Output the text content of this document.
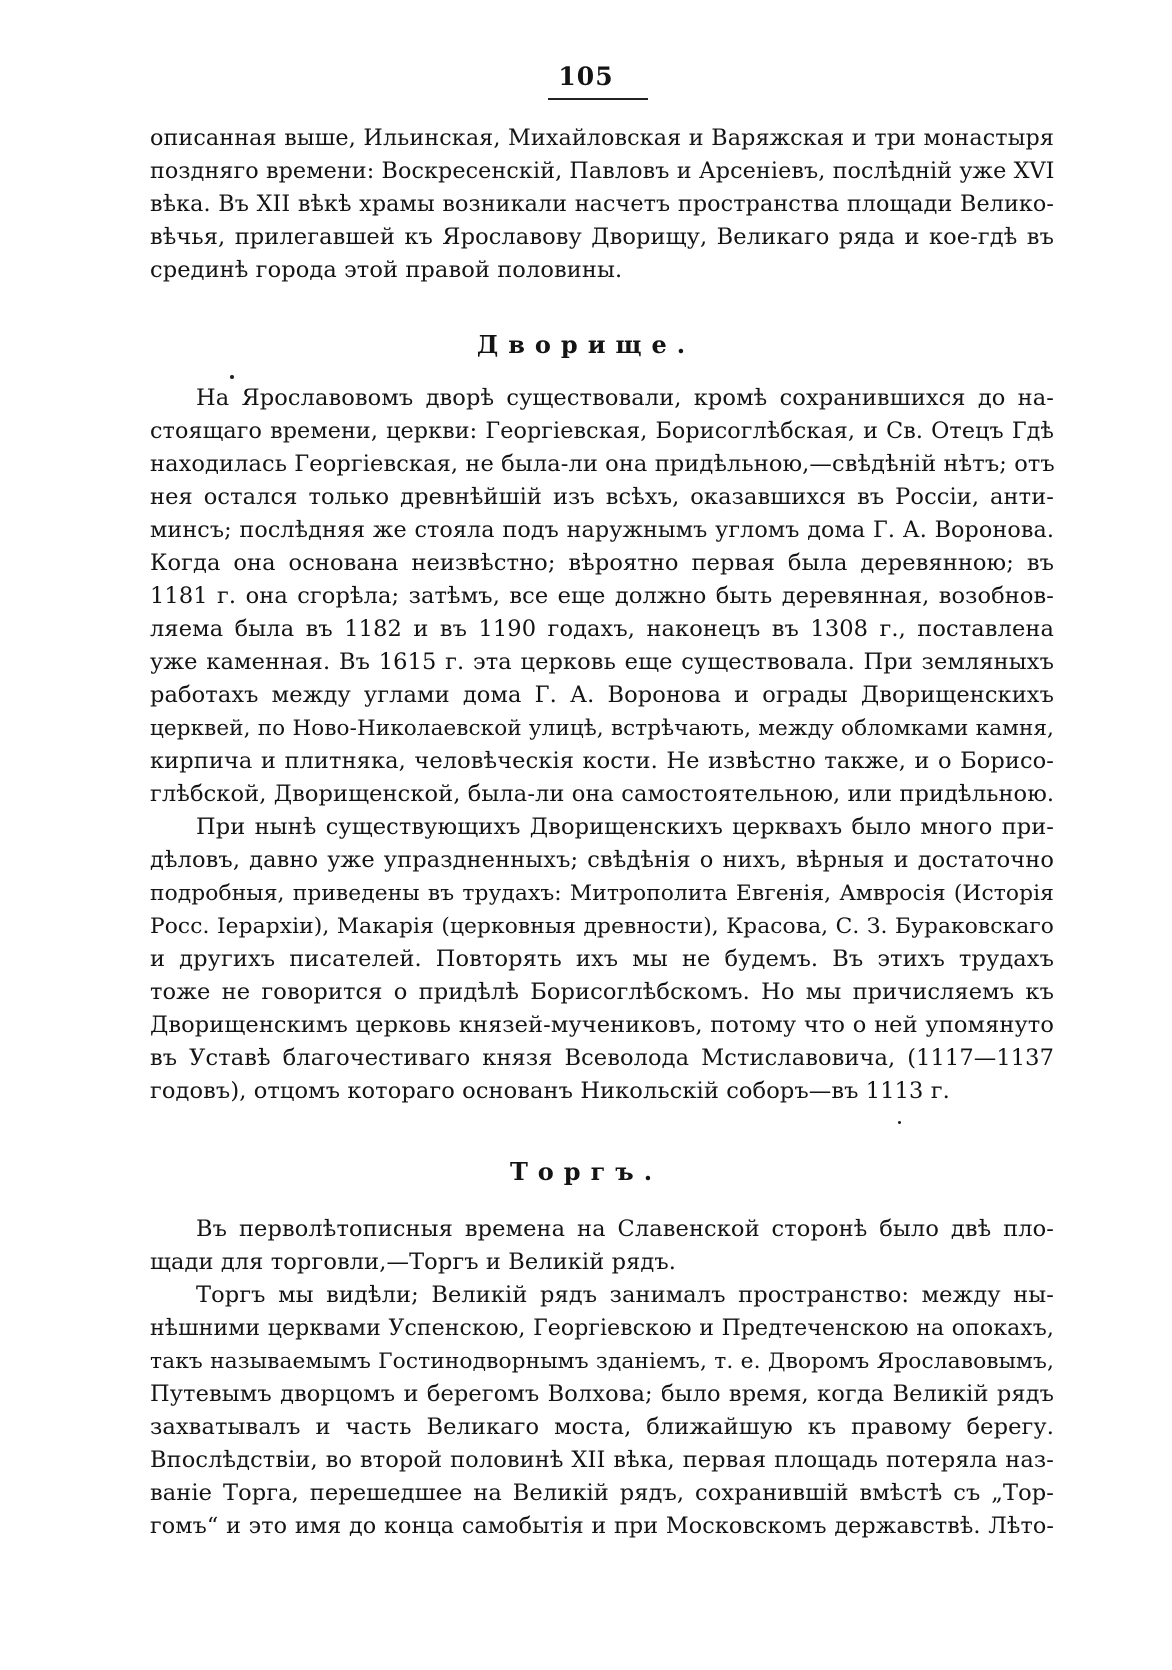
105
описанная выше, Ильинская, Михайловская и Варяжская и три монастыря
поздняго времени: Воскресенскій, Павловъ и Арсеніевъ, послѣдній уже XVI
вѣка. Въ XII вѣкѣ храмы возникали насчетъ пространства площади Велико-
вѣчья, прилегавшей къ Ярославову Дворищу, Великаго ряда и кое-гдѣ въ
срединѣ города этой правой половины.
Дворище.
На Ярославовомъ дворѣ существовали, кромѣ сохранившихся до на-
стоящаго времени, церкви: Георгіевская, Борисоглѣбская, и Св. Отецъ Гдѣ
находилась Георгіевская, не была-ли она придѣльною,—свѣдѣній нѣтъ; отъ
нея остался только древнѣйшій изъ всѣхъ, оказавшихся въ Россіи, анти-
минсъ; послѣдняя же стояла подъ наружнымъ угломъ дома Г. А. Воронова.
Когда она основана неизвѣстно; вѣроятно первая была деревянною; въ
1181 г. она сгорѣла; затѣмъ, все еще должно быть деревянная, возобнов-
ляема была въ 1182 и въ 1190 годахъ, наконецъ въ 1308 г., поставлена
уже каменная. Въ 1615 г. эта церковь еще существовала. При земляныхъ
работахъ между углами дома Г. А. Воронова и ограды Дворищенскихъ
церквей, по Ново-Николаевской улицѣ, встрѣчають, между обломками камня,
кирпича и плитняка, человѣческія кости. Не извѣстно также, и о Борисо-
глѣбской, Дворищенской, была-ли она самостоятельною, или придѣльною.
При нынѣ существующихъ Дворищенскихъ церквахъ было много при-
дѣловъ, давно уже упраздненныхъ; свѣдѣнія о нихъ, вѣрныя и достаточно
подробныя, приведены въ трудахъ: Митрополита Евгенія, Амвросія (Исторія
Росс. Іерархіи), Макарія (церковныя древности), Красова, С. З. Бураковскаго
и другихъ писателей. Повторять ихъ мы не будемъ. Въ этихъ трудахъ
тоже не говорится о придѣлѣ Борисоглѣбскомъ. Но мы причисляемъ къ
Дворищенскимъ церковь князей-мучениковъ, потому что о ней упомянуто
въ Уставѣ благочестиваго князя Всеволода Мстиславовича, (1117—1137
годовъ), отцомъ котораго основанъ Никольскій соборъ—въ 1113 г.
Торгъ.
Въ перволѣтописныя времена на Славенской сторонѣ было двѣ пло-
щади для торговли,—Торгъ и Великій рядъ.
Торгъ мы видѣли; Великій рядъ занималъ пространство: между ны-
нѣшними церквами Успенскою, Георгіевскою и Предтеченскою на опокахъ,
такъ называемымъ Гостинодворнымъ зданіемъ, т. е. Дворомъ Ярославовымъ,
Путевымъ дворцомъ и берегомъ Волхова; было время, когда Великій рядъ
захватывалъ и часть Великаго моста, ближайшую къ правому берегу.
Впослѣдствіи, во второй половинѣ XII вѣка, первая площадь потеряла наз-
ваніе Торга, перешедшее на Великій рядъ, сохранившій вмѣстѣ съ „Тор-
гомъ“ и это имя до конца самобытія и при Московскомъ державствѣ. Лѣто-
